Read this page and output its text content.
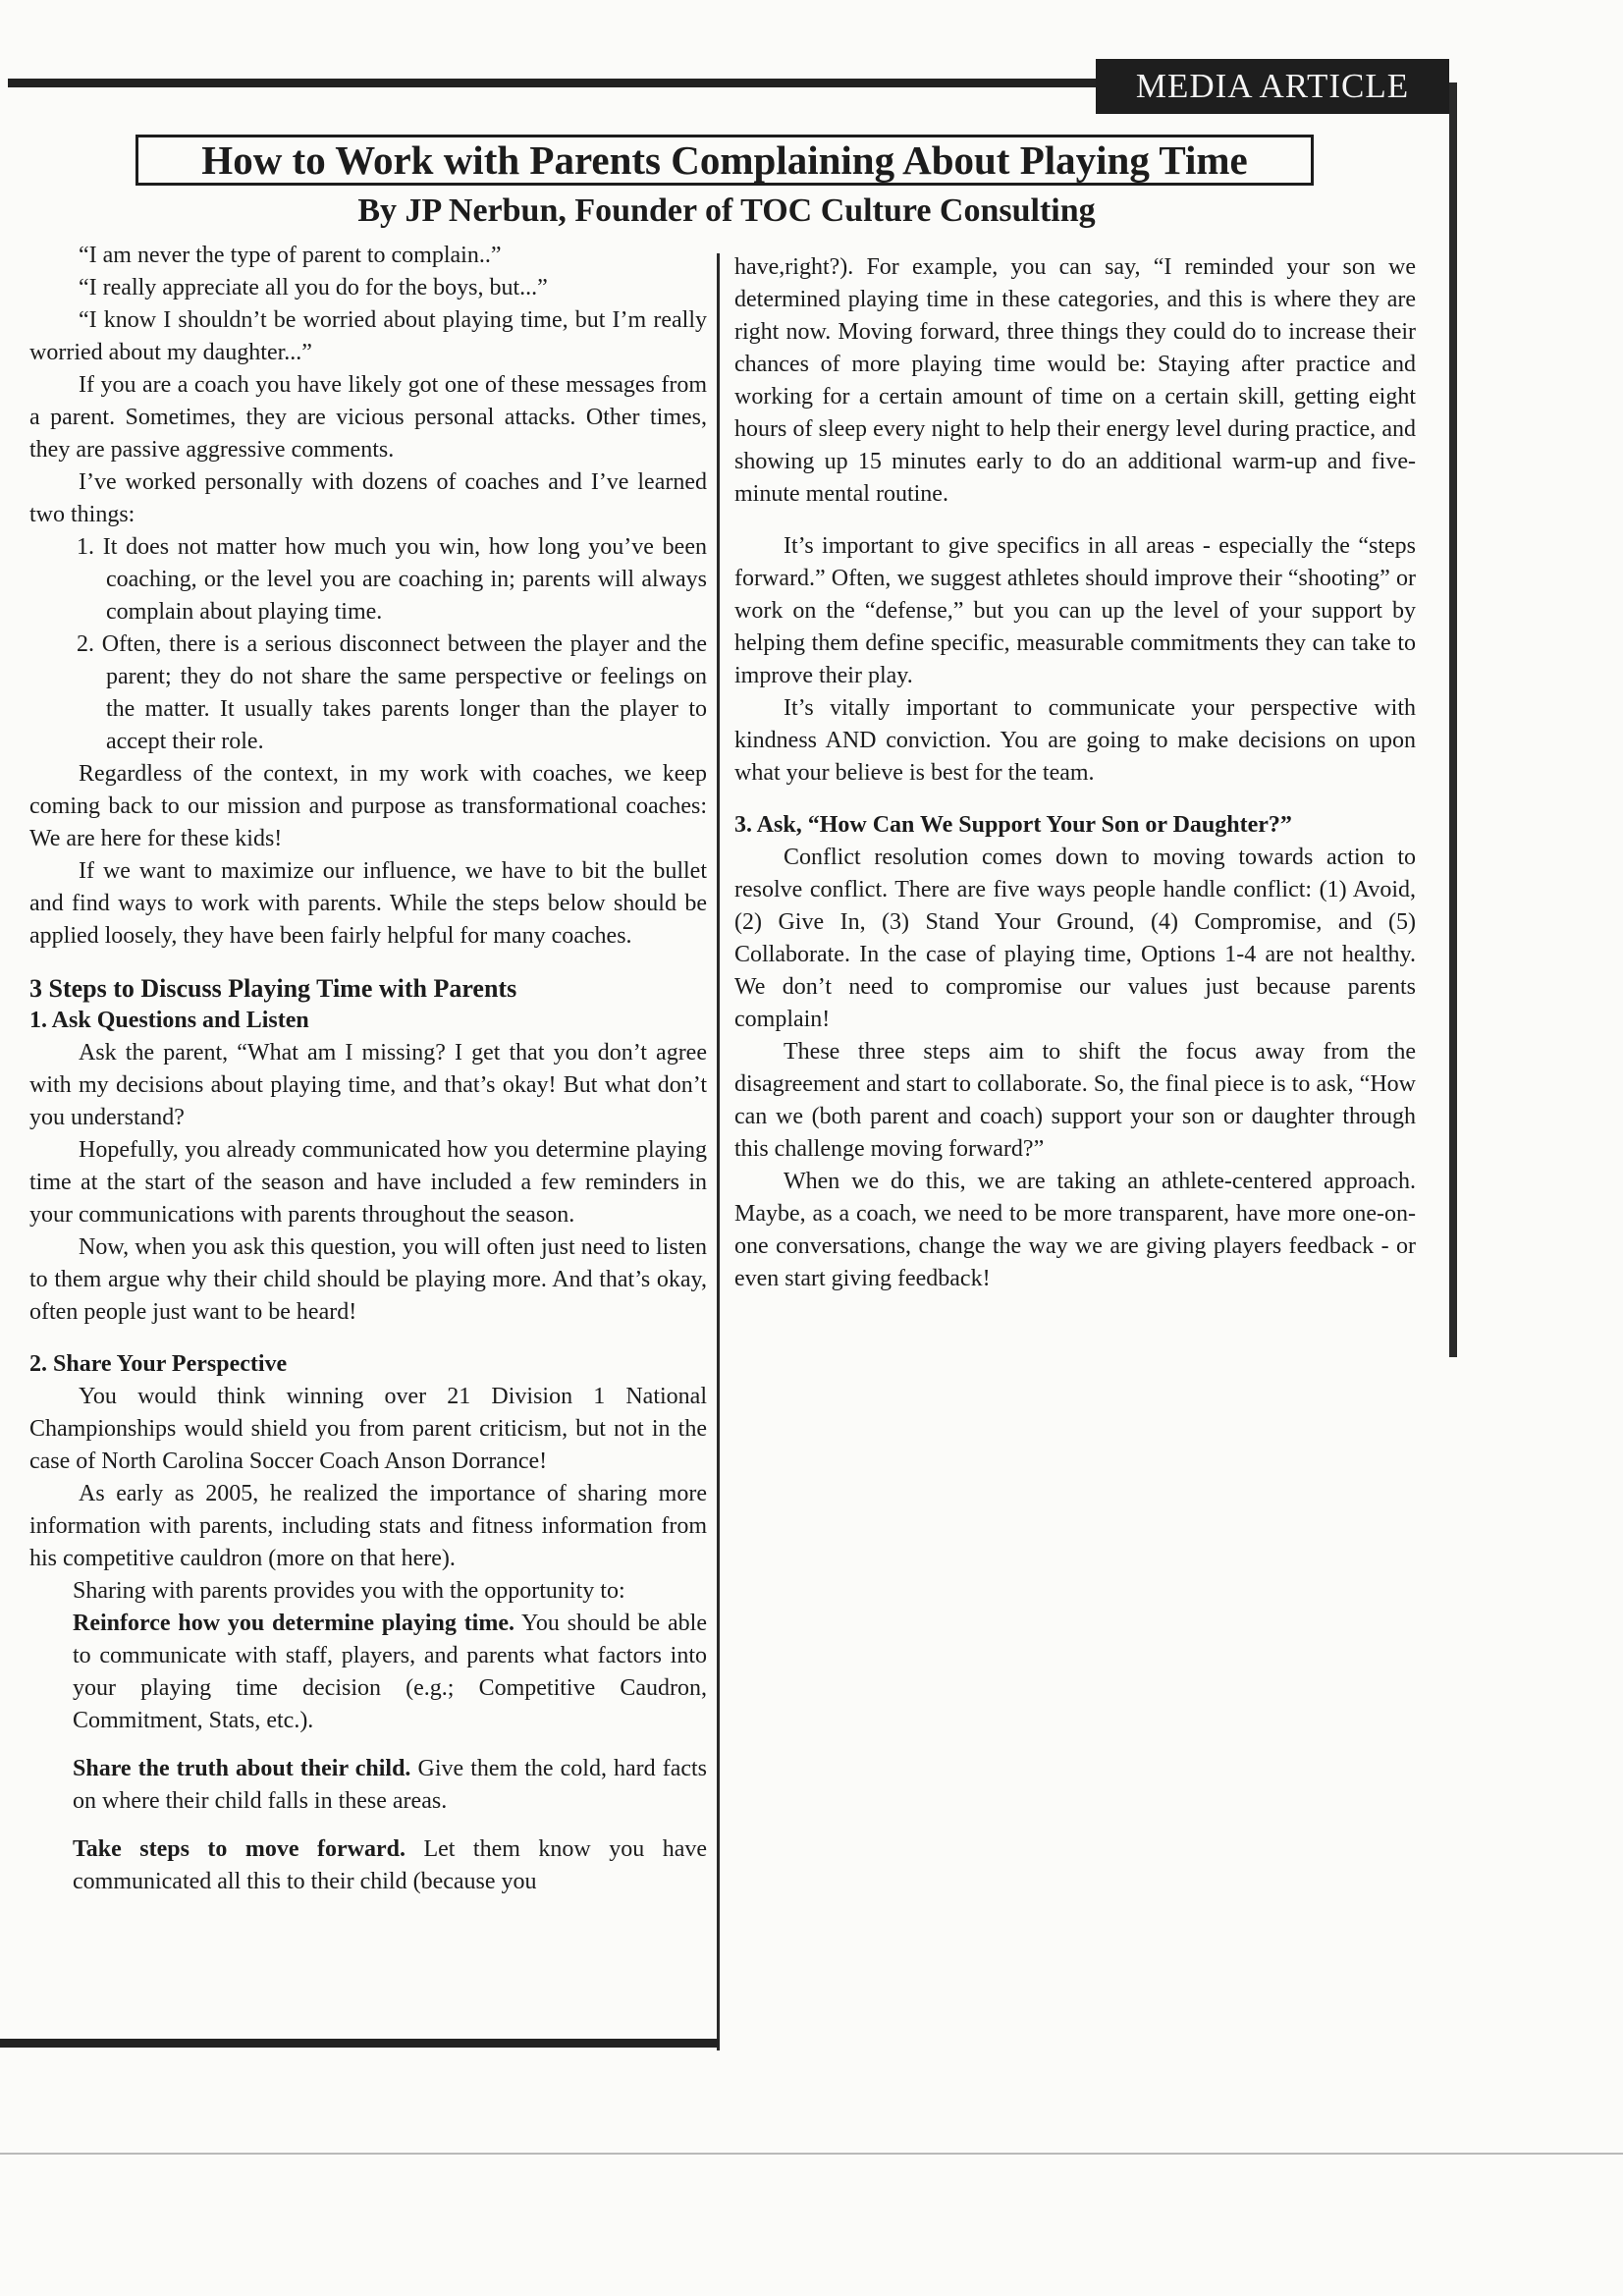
MEDIA ARTICLE
How to Work with Parents Complaining About Playing Time
By JP Nerbun, Founder of TOC Culture Consulting

“I am never the type of parent to complain..”

“I really appreciate all you do for the boys, but...”

“I know I shouldn’t be worried about playing time, but I’m really worried about my daughter...”

If you are a coach you have likely got one of these messages from a parent. Sometimes, they are vicious personal attacks. Other times, they are passive aggressive comments.

I’ve worked personally with dozens of coaches and I’ve learned two things:

1. It does not matter how much you win, how long you’ve been coaching, or the level you are coaching in; parents will always complain about playing time.

2. Often, there is a serious disconnect between the player and the parent; they do not share the same perspective or feelings on the matter. It usually takes parents longer than the player to accept their role.

Regardless of the context, in my work with coaches, we keep coming back to our mission and purpose as transformational coaches: We are here for these kids!

If we want to maximize our influence, we have to bit the bullet and find ways to work with parents. While the steps below should be applied loosely, they have been fairly helpful for many coaches.

3 Steps to Discuss Playing Time with Parents

1. Ask Questions and Listen

Ask the parent, “What am I missing? I get that you don’t agree with my decisions about playing time, and that’s okay! But what don’t you understand?

Hopefully, you already communicated how you determine playing time at the start of the season and have included a few reminders in your communications with parents throughout the season.

Now, when you ask this question, you will often just need to listen to them argue why their child should be playing more. And that’s okay, often people just want to be heard!

2. Share Your Perspective

You would think winning over 21 Division 1 National Championships would shield you from parent criticism, but not in the case of North Carolina Soccer Coach Anson Dorrance!

As early as 2005, he realized the importance of sharing more information with parents, including stats and fitness information from his competitive cauldron (more on that here).

Sharing with parents provides you with the opportunity to:

Reinforce how you determine playing time. You should be able to communicate with staff, players, and parents what factors into your playing time decision (e.g.; Competitive Caudron, Commitment, Stats, etc.).

Share the truth about their child. Give them the cold, hard facts on where their child falls in these areas.

Take steps to move forward. Let them know you have communicated all this to their child (because you

have,right?). For example, you can say, “I reminded your son we determined playing time in these categories, and this is where they are right now. Moving forward, three things they could do to increase their chances of more playing time would be: Staying after practice and working for a certain amount of time on a certain skill, getting eight hours of sleep every night to help their energy level during practice, and showing up 15 minutes early to do an additional warm-up and five-minute mental routine.

It’s important to give specifics in all areas - especially the “steps forward.” Often, we suggest athletes should improve their “shooting” or work on the “defense,” but you can up the level of your support by helping them define specific, measurable commitments they can take to improve their play.

It’s vitally important to communicate your perspective with kindness AND conviction. You are going to make decisions on upon what your believe is best for the team.

3. Ask, “How Can We Support Your Son or Daughter?”

Conflict resolution comes down to moving towards action to resolve conflict. There are five ways people handle conflict: (1) Avoid, (2) Give In, (3) Stand Your Ground, (4) Compromise, and (5) Collaborate. In the case of playing time, Options 1-4 are not healthy. We don’t need to compromise our values just because parents complain!

These three steps aim to shift the focus away from the disagreement and start to collaborate. So, the final piece is to ask, “How can we (both parent and coach) support your son or daughter through this challenge moving forward?”

When we do this, we are taking an athlete-centered approach. Maybe, as a coach, we need to be more transparent, have more one-on-one conversations, change the way we are giving players feedback - or even start giving feedback!
